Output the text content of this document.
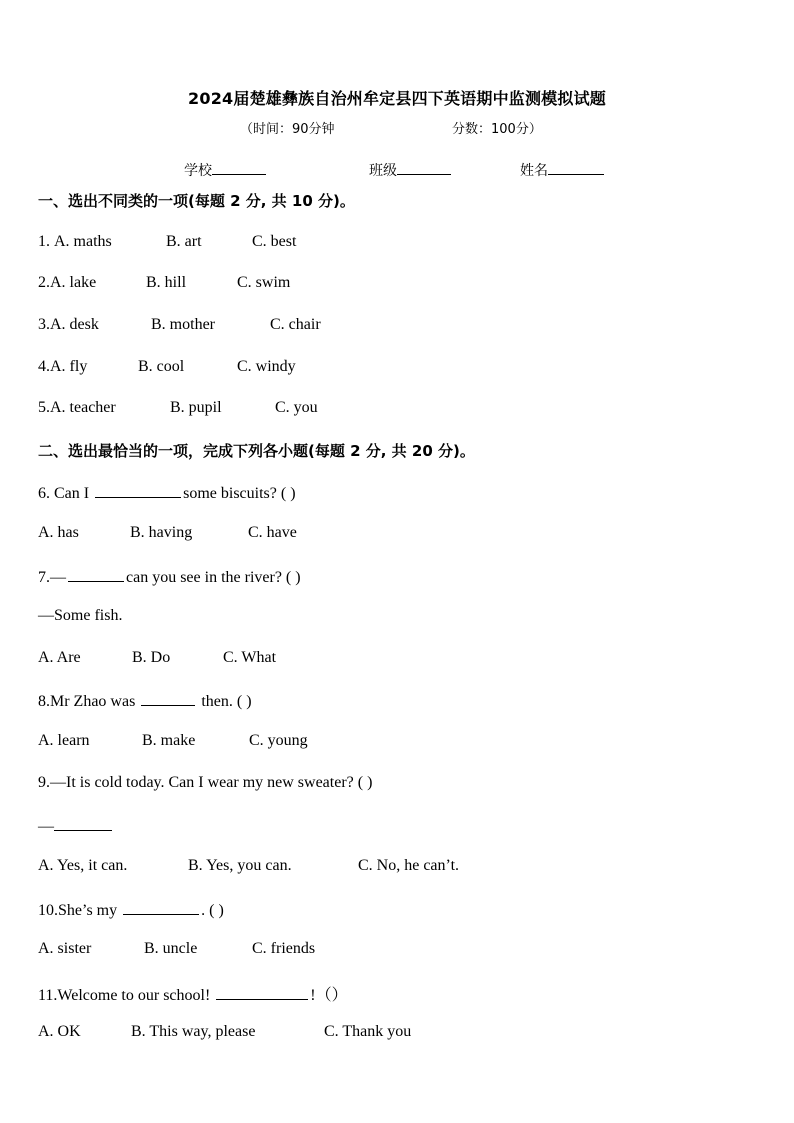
2024届楚雄彝族自治州牟定县四下英语期中监测模拟试题
（时间：90分钟	分数：100分）
学校	班级	姓名
一、选出不同类的一项(每题 2 分, 共 10 分)。
1. A. maths	B. art	C. best
2.A. lake	B. hill	C. swim
3.A. desk	B. mother	C. chair
4.A. fly	B. cool	C. windy
5.A. teacher	B. pupil	C. you
二、选出最恰当的一项，完成下列各小题(每题 2 分, 共 20 分)。
6. Can I	some biscuits? ( )
A. has	B. having	C. have
7.—	can you see in the river? ( )
—Some fish.
A. Are	B. Do	C. What
8.Mr Zhao was	then. ( )
A. learn	B. make	C. young
9.—It is cold today. Can I wear my new sweater? ( )
—
A. Yes, it can.	B. Yes, you can.	C. No, he can’t.
10.She’s my	. ( )
A. sister	B. uncle	C. friends
11.Welcome to our school!	!（）
A. OK	B. This way, please	C. Thank you
